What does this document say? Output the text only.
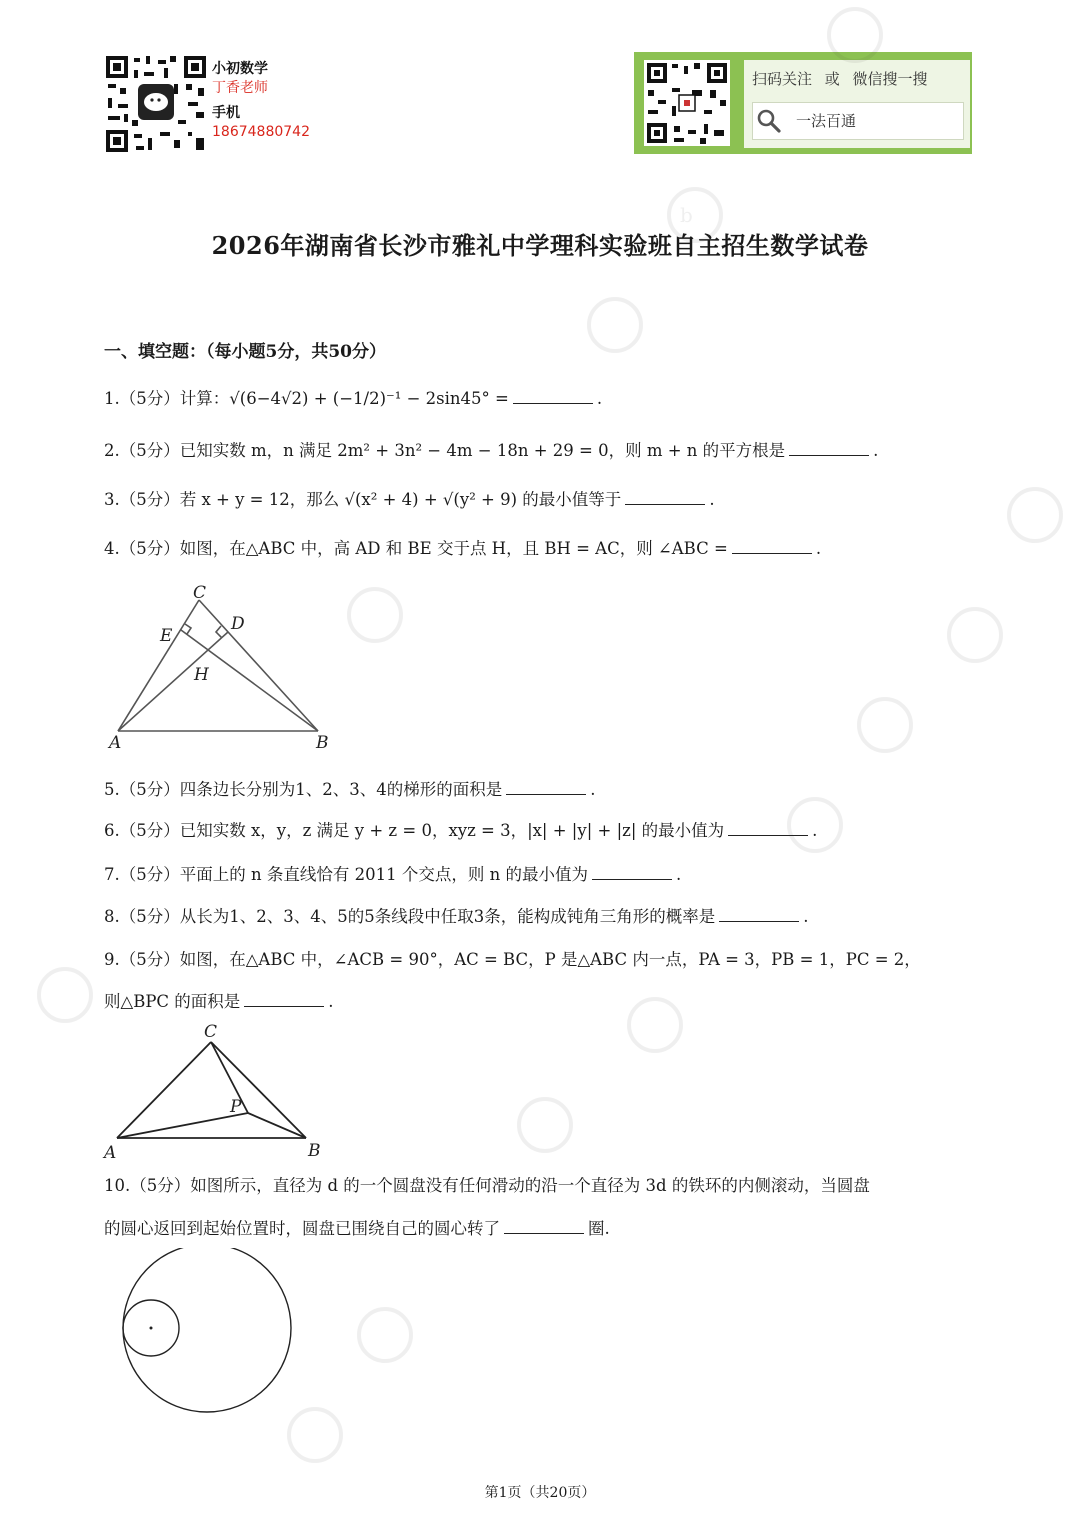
小初数学
丁香老师
手机
18674880742
扫码关注 或 微信搜一搜
一法百通
2026年湖南省长沙市雅礼中学理科实验班自主招生数学试卷
一、填空题：（每小题5分，共50分）
1.（5分）计算：√(6−4√2) + (−1/2)⁻¹ − 2sin45° =	.
2.（5分）已知实数 m，n 满足 2m² + 3n² − 4m − 18n + 29 = 0，则 m + n 的平方根是	.
3.（5分）若 x + y = 12，那么 √(x² + 4) + √(y² + 9) 的最小值等于	.
4.（5分）如图，在△ABC 中，高 AD 和 BE 交于点 H，且 BH = AC，则 ∠ABC =	.
C
D
E
H
A	B
5.（5分）四条边长分别为1、2、3、4的梯形的面积是	.
6.（5分）已知实数 x，y，z 满足 y + z = 0，xyz = 3，|x| + |y| + |z| 的最小值为	.
7.（5分）平面上的 n 条直线恰有 2011 个交点，则 n 的最小值为	.
8.（5分）从长为1、2、3、4、5的5条线段中任取3条，能构成钝角三角形的概率是	.
9.（5分）如图，在△ABC 中，∠ACB = 90°，AC = BC，P 是△ABC 内一点，PA = 3，PB = 1，PC = 2，
则△BPC 的面积是	.
C
P
A	B
10.（5分）如图所示，直径为 d 的一个圆盘没有任何滑动的沿一个直径为 3d 的铁环的内侧滚动，当圆盘
的圆心返回到起始位置时，圆盘已围绕自己的圆心转了	圈.
b
第1页（共20页）
